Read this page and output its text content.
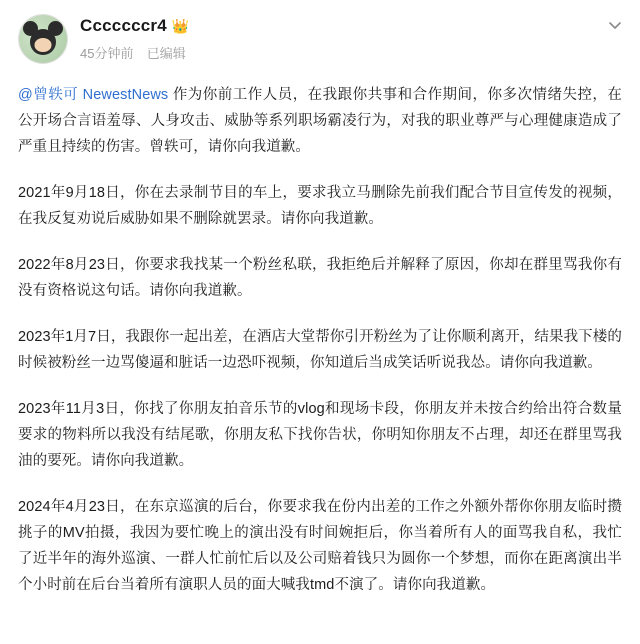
Cccccccr4 👑
45分钟前 已编辑

@曾轶可 NewestNews 作为你前工作人员，在我跟你共事和合作期间，你多次情绪失控，在公开场合言语羞辱、人身攻击、威胁等系列职场霸凌行为，对我的职业尊严与心理健康造成了严重且持续的伤害。曾轶可，请你向我道歉。

2021年9月18日，你在去录制节目的车上，要求我立马删除先前我们配合节目宣传发的视频，在我反复劝说后威胁如果不删除就罢录。请你向我道歉。

2022年8月23日，你要求我找某一个粉丝私联，我拒绝后并解释了原因，你却在群里骂我你有没有资格说这句话。请你向我道歉。

2023年1月7日，我跟你一起出差，在酒店大堂帮你引开粉丝为了让你顺利离开，结果我下楼的时候被粉丝一边骂傻逼和脏话一边恐吓视频，你知道后当成笑话听说我怂。请你向我道歉。

2023年11月3日，你找了你朋友拍音乐节的vlog和现场卡段，你朋友并未按合约给出符合数量要求的物料所以我没有结尾歌，你朋友私下找你告状，你明知你朋友不占理，却还在群里骂我油的要死。请你向我道歉。

2024年4月23日，在东京巡演的后台，你要求我在份内出差的工作之外额外帮你你朋友临时攒挑子的MV拍摄，我因为要忙晚上的演出没有时间婉拒后，你当着所有人的面骂我自私，我忙了近半年的海外巡演、一群人忙前忙后以及公司赔着钱只为圆你一个梦想，而你在距离演出半个小时前在后台当着所有演职人员的面大喊我tmd不演了。请你向我道歉。
